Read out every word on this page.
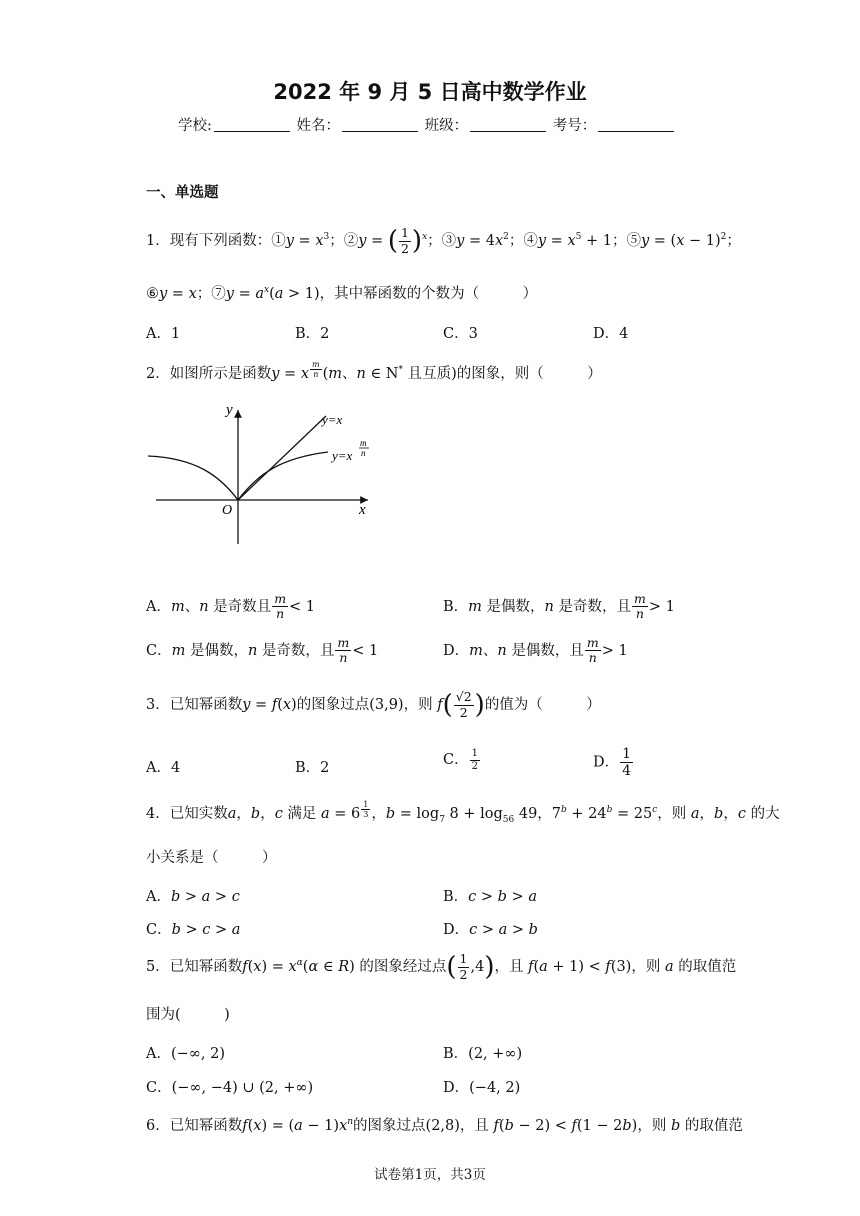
2022 年 9 月 5 日高中数学作业
学校:	姓名：	班级：	考号：
一、单选题
1．现有下列函数：①y = $x^3$；②y = ( $\frac{1}{2} )^x$；③y = $4x^2$；④y = $x^5 + 1$；⑤y = $(x - 1)^2$；
⑥y = x；⑦y = $a^x(a > 1)$，其中幂函数的个数为（　　　）
A．1	B．2	C．3	D．4
2．如图所示是函数y = x $^{\frac{m}{n}}$ (m、n ∈ N* 且互质)的图象，则（　　　）
y
x
O
y=x
y=x
m
n
A．m、n 是奇数且 $\frac{m}{n} < 1$	B．m 是偶数，n 是奇数，且 $\frac{m}{n} > 1$
C．m 是偶数，n 是奇数，且 $\frac{m}{n} < 1$	D．m、n 是偶数，且 $\frac{m}{n} > 1$
3．已知幂函数y = f(x)的图象过点(3,9)，则 $f( \frac{√2}{2}$ )的值为（　　　）
A．4	B．2	C． $\frac{1}{2}$	D． $\frac{1}{4}$
4．已知实数a，b，c 满足 a = 6 $^{\frac{1}{3}}$ ，$b = \log_7 8 + \log_{56} 49$，$7^b + 24^b = 25^c$，则 a，b，c 的大
小关系是（　　　）
A．b > a > c	B．c > b > a
C．b > c > a	D．c > a > b
5．已知幂函数$f(x) = x^\alpha(\alpha$ ∈ R) 的图象经过点( $\frac{1}{2} ,4$)，且 f(a + 1) < f(3)，则 a 的取值范
围为(　　　)
A．(−∞, 2)	B．(2, +∞)
C．(−∞, −4) ∪ (2, +∞)	D．(−4, 2)
6．已知幂函数$f(x) = (a - 1)x^n$的图象过点(2,8)，且 f(b − 2) < f(1 − 2b)，则 b 的取值范
试卷第1页，共3页
